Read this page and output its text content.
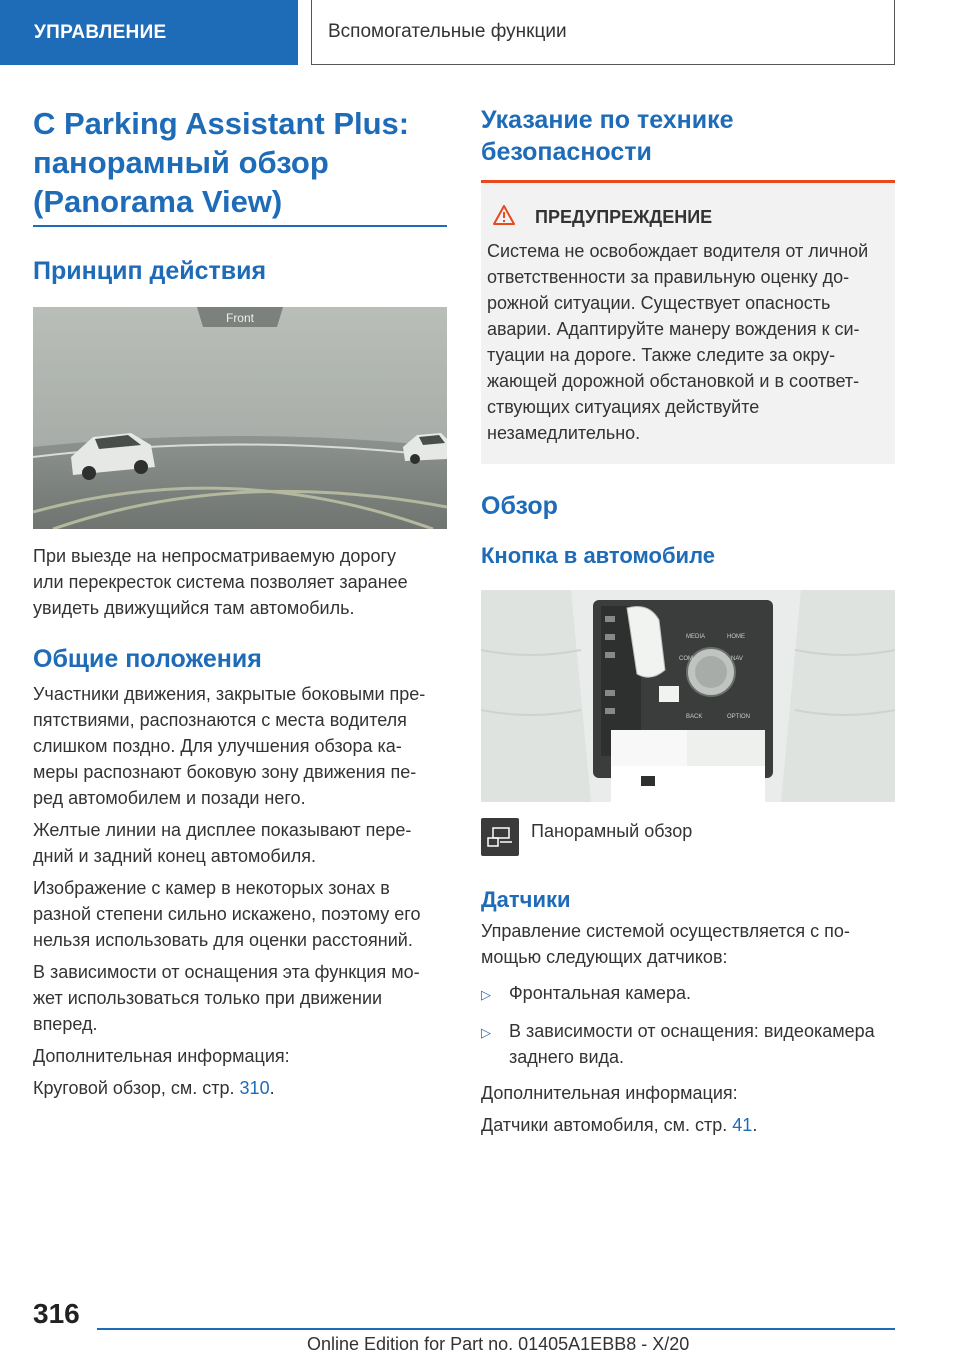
УПРАВЛЕНИЕ	Вспомогательные функции
С Parking Assistant Plus:
панорамный обзор
(Panorama View)
Принцип действия
Front

При выезде на непросматриваемую дорогу
или перекресток система позволяет заранее
увидеть движущийся там автомобиль.

Общие положения

Участники движения, закрытые боковыми пре-
пятствиями, распознаются с места водителя
слишком поздно. Для улучшения обзора ка-
меры распознают боковую зону движения пе-
ред автомобилем и позади него.

Желтые линии на дисплее показывают пере-
дний и задний конец автомобиля.

Изображение с камер в некоторых зонах в
разной степени сильно искажено, поэтому его
нельзя использовать для оценки расстояний.

В зависимости от оснащения эта функция мо-
жет использоваться только при движении
вперед.

Дополнительная информация:

Круговой обзор, см. стр. 310.

Указание по технике
безопасности
ПРЕДУПРЕЖДЕНИЕ

Система не освобождает водителя от личной
ответственности за правильную оценку до-
рожной ситуации. Существует опасность
аварии. Адаптируйте манеру вождения к си-
туации на дороге. Также следите за окру-
жающей дорожной обстановкой и в соответ-
ствующих ситуациях действуйте
незамедлительно.

Обзор
Кнопка в автомобиле
MEDIA	HOME
BACK	OPTION
COM	NAV
Панорамный обзор
Датчики

Управление системой осуществляется с по-
мощью следующих датчиков:

▷	Фронтальная камера.
▷	В зависимости от оснащения: видеокамера
заднего вида.

Дополнительная информация:

Датчики автомобиля, см. стр. 41.

316
Online Edition for Part no. 01405A1EBB8 - X/20
